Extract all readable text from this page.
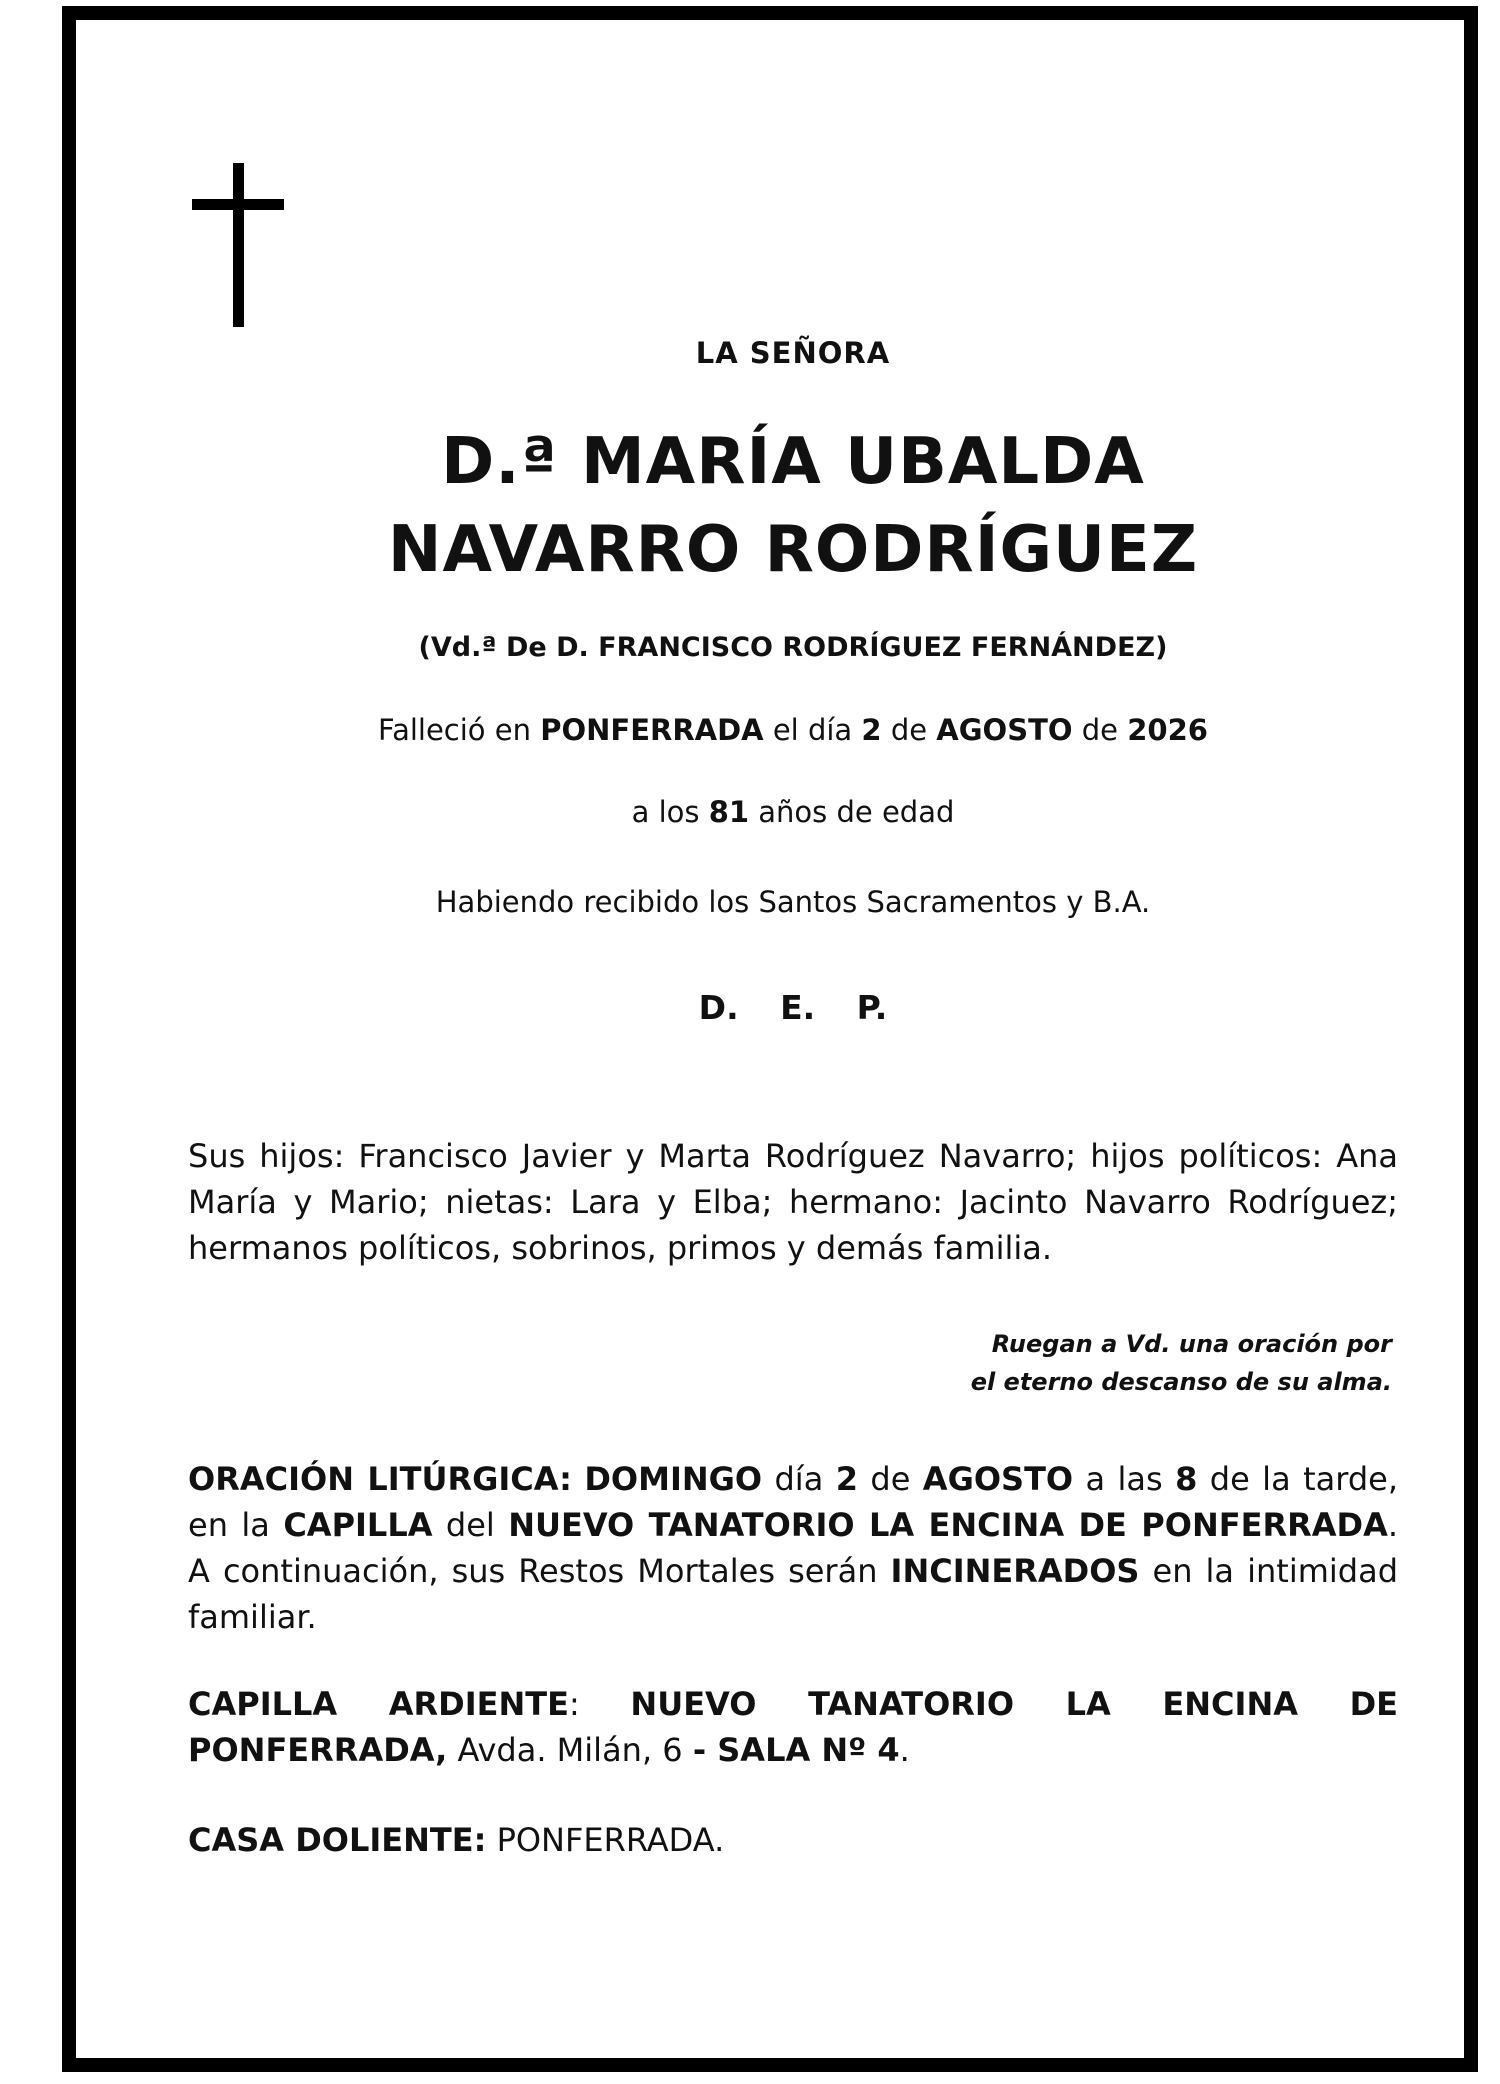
LA SEÑORA
D.ª MARÍA UBALDA
NAVARRO RODRÍGUEZ
(Vd.ª De D. FRANCISCO RODRÍGUEZ FERNÁNDEZ)
Falleció en PONFERRADA el día 2 de AGOSTO de 2026
a los 81 años de edad
Habiendo recibido los Santos Sacramentos y B.A.
D. E. P.
Sus hijos: Francisco Javier y Marta Rodríguez Navarro; hijos políticos: Ana María y Mario; nietas: Lara y Elba; hermano: Jacinto Navarro Rodríguez; hermanos políticos, sobrinos, primos y demás familia.
Ruegan a Vd. una oración por
el eterno descanso de su alma.
ORACIÓN LITÚRGICA: DOMINGO día 2 de AGOSTO a las 8 de la tarde, en la CAPILLA del NUEVO TANATORIO LA ENCINA DE PONFERRADA. A continuación, sus Restos Mortales serán INCINERADOS en la intimidad familiar.
CAPILLA ARDIENTE: NUEVO TANATORIO LA ENCINA DE PONFERRADA, Avda. Milán, 6 - SALA Nº 4.
CASA DOLIENTE: PONFERRADA.
